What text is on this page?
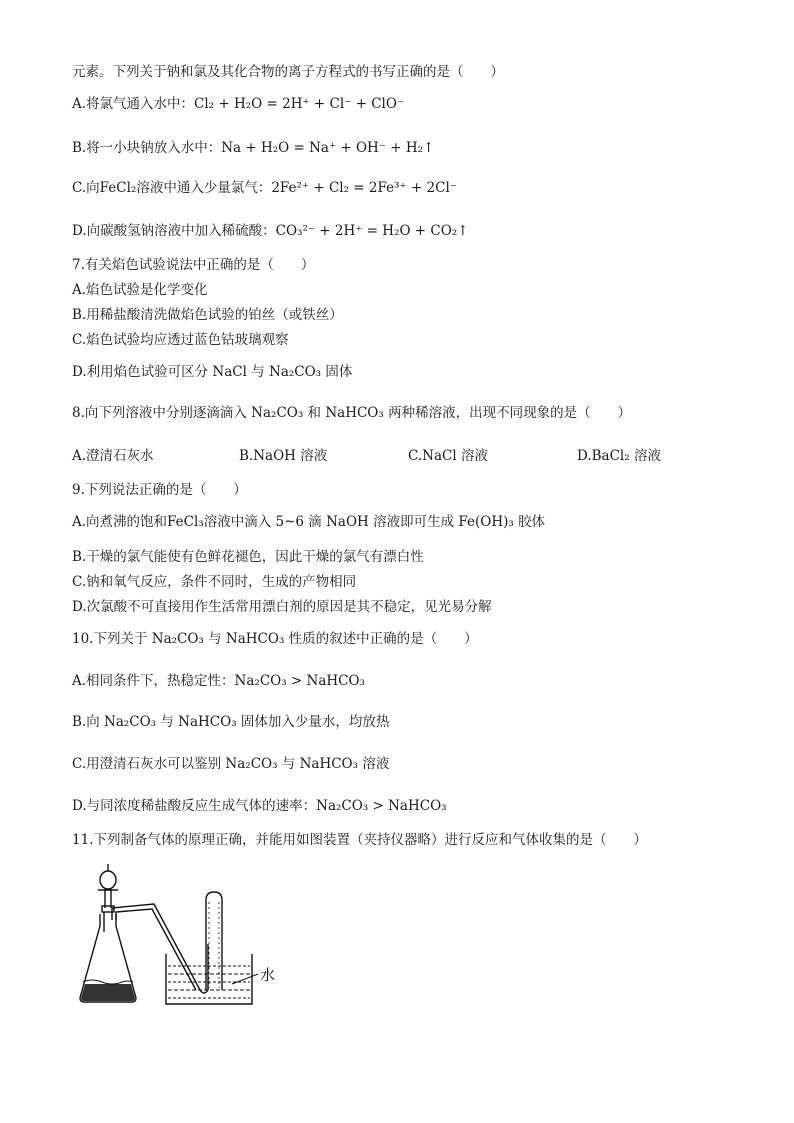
元素。下列关于钠和氯及其化合物的离子方程式的书写正确的是（　　）
A.将氯气通入水中：Cl₂ + H₂O = 2H⁺ + Cl⁻ + ClO⁻
B.将一小块钠放入水中：Na + H₂O = Na⁺ + OH⁻ + H₂↑
C.向FeCl₂溶液中通入少量氯气：2Fe²⁺ + Cl₂ = 2Fe³⁺ + 2Cl⁻
D.向碳酸氢钠溶液中加入稀硫酸：CO₃²⁻ + 2H⁺ = H₂O + CO₂↑
7.有关焰色试验说法中正确的是（　　）
A.焰色试验是化学变化
B.用稀盐酸清洗做焰色试验的铂丝（或铁丝）
C.焰色试验均应透过蓝色钴玻璃观察
D.利用焰色试验可区分 NaCl 与 Na₂CO₃ 固体
8.向下列溶液中分别逐滴滴入 Na₂CO₃ 和 NaHCO₃ 两种稀溶液，出现不同现象的是（　　）
A.澄清石灰水	B.NaOH 溶液	C.NaCl 溶液	D.BaCl₂ 溶液
9.下列说法正确的是（　　）
A.向煮沸的饱和FeCl₃溶液中滴入 5~6 滴 NaOH 溶液即可生成 Fe(OH)₃ 胶体
B.干燥的氯气能使有色鲜花褪色，因此干燥的氯气有漂白性
C.钠和氧气反应，条件不同时，生成的产物相同
D.次氯酸不可直接用作生活常用漂白剂的原因是其不稳定，见光易分解
10.下列关于 Na₂CO₃ 与 NaHCO₃ 性质的叙述中正确的是（　　）
A.相同条件下，热稳定性：Na₂CO₃ > NaHCO₃
B.向 Na₂CO₃ 与 NaHCO₃ 固体加入少量水，均放热
C.用澄清石灰水可以鉴别 Na₂CO₃ 与 NaHCO₃ 溶液
D.与同浓度稀盐酸反应生成气体的速率：Na₂CO₃ > NaHCO₃
11.下列制备气体的原理正确，并能用如图装置（夹持仪器略）进行反应和气体收集的是（　　）
水
